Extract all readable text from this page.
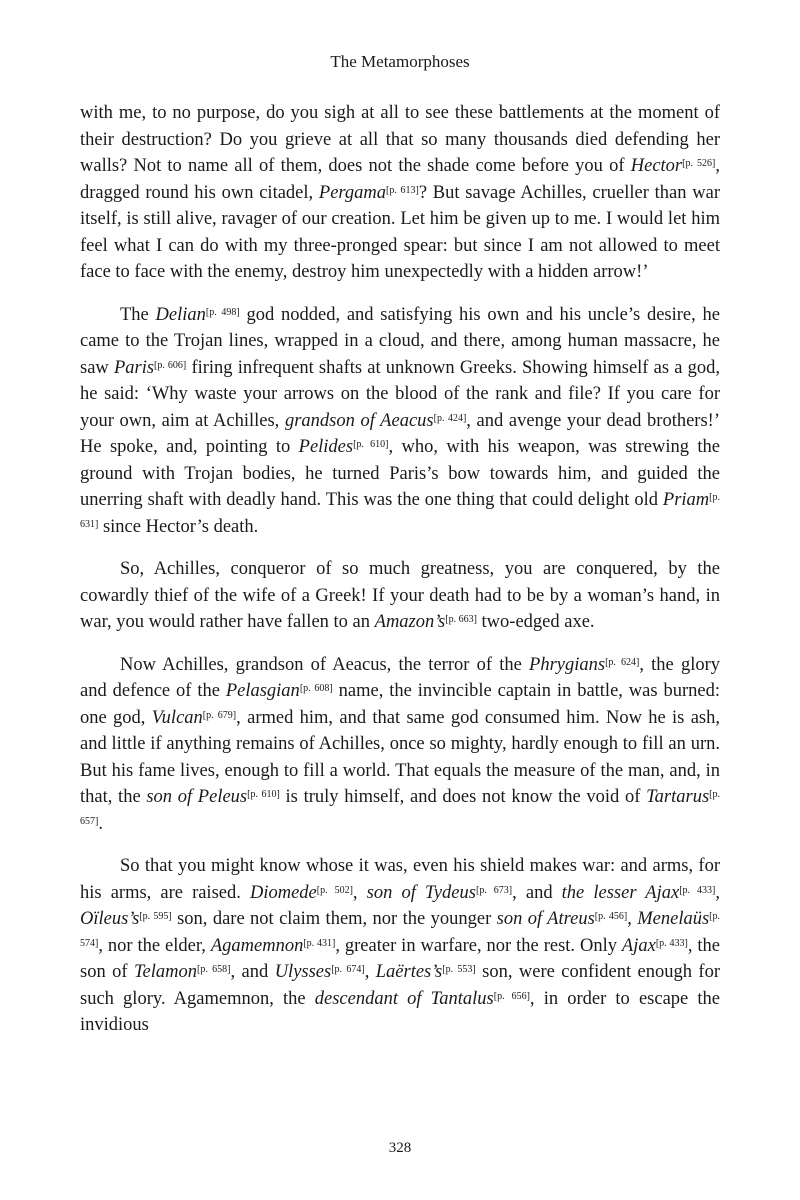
The Metamorphoses

with me, to no purpose, do you sigh at all to see these battlements at the moment of their destruction? Do you grieve at all that so many thousands died defending her walls? Not to name all of them, does not the shade come before you of Hector[p. 526], dragged round his own citadel, Pergama[p. 613]? But savage Achilles, crueller than war itself, is still alive, ravager of our creation. Let him be given up to me. I would let him feel what I can do with my three-pronged spear: but since I am not allowed to meet face to face with the enemy, destroy him unexpectedly with a hidden arrow!’

The Delian[p. 498] god nodded, and satisfying his own and his uncle’s desire, he came to the Trojan lines, wrapped in a cloud, and there, among human massacre, he saw Paris[p. 606] firing infrequent shafts at unknown Greeks. Showing himself as a god, he said: ‘Why waste your arrows on the blood of the rank and file? If you care for your own, aim at Achilles, grandson of Aeacus[p. 424], and avenge your dead brothers!’ He spoke, and, pointing to Pelides[p. 610], who, with his weapon, was strewing the ground with Trojan bodies, he turned Paris’s bow towards him, and guided the unerring shaft with deadly hand. This was the one thing that could delight old Priam[p. 631] since Hector’s death.

So, Achilles, conqueror of so much greatness, you are conquered, by the cowardly thief of the wife of a Greek! If your death had to be by a woman’s hand, in war, you would rather have fallen to an Amazon’s[p. 663] two-edged axe.

Now Achilles, grandson of Aeacus, the terror of the Phrygians[p. 624], the glory and defence of the Pelasgian[p. 608] name, the invincible captain in battle, was burned: one god, Vulcan[p. 679], armed him, and that same god consumed him. Now he is ash, and little if anything remains of Achilles, once so mighty, hardly enough to fill an urn. But his fame lives, enough to fill a world. That equals the measure of the man, and, in that, the son of Peleus[p. 610] is truly himself, and does not know the void of Tartarus[p. 657].

So that you might know whose it was, even his shield makes war: and arms, for his arms, are raised. Diomede[p. 502], son of Tydeus[p. 673], and the lesser Ajax[p. 433], Oïleus’s[p. 595] son, dare not claim them, nor the younger son of Atreus[p. 456], Menelaüs[p. 574], nor the elder, Agamemnon[p. 431], greater in warfare, nor the rest. Only Ajax[p. 433], the son of Telamon[p. 658], and Ulysses[p. 674], Laërtes’s[p. 553] son, were confident enough for such glory. Agamemnon, the descendant of Tantalus[p. 656], in order to escape the invidious

328
